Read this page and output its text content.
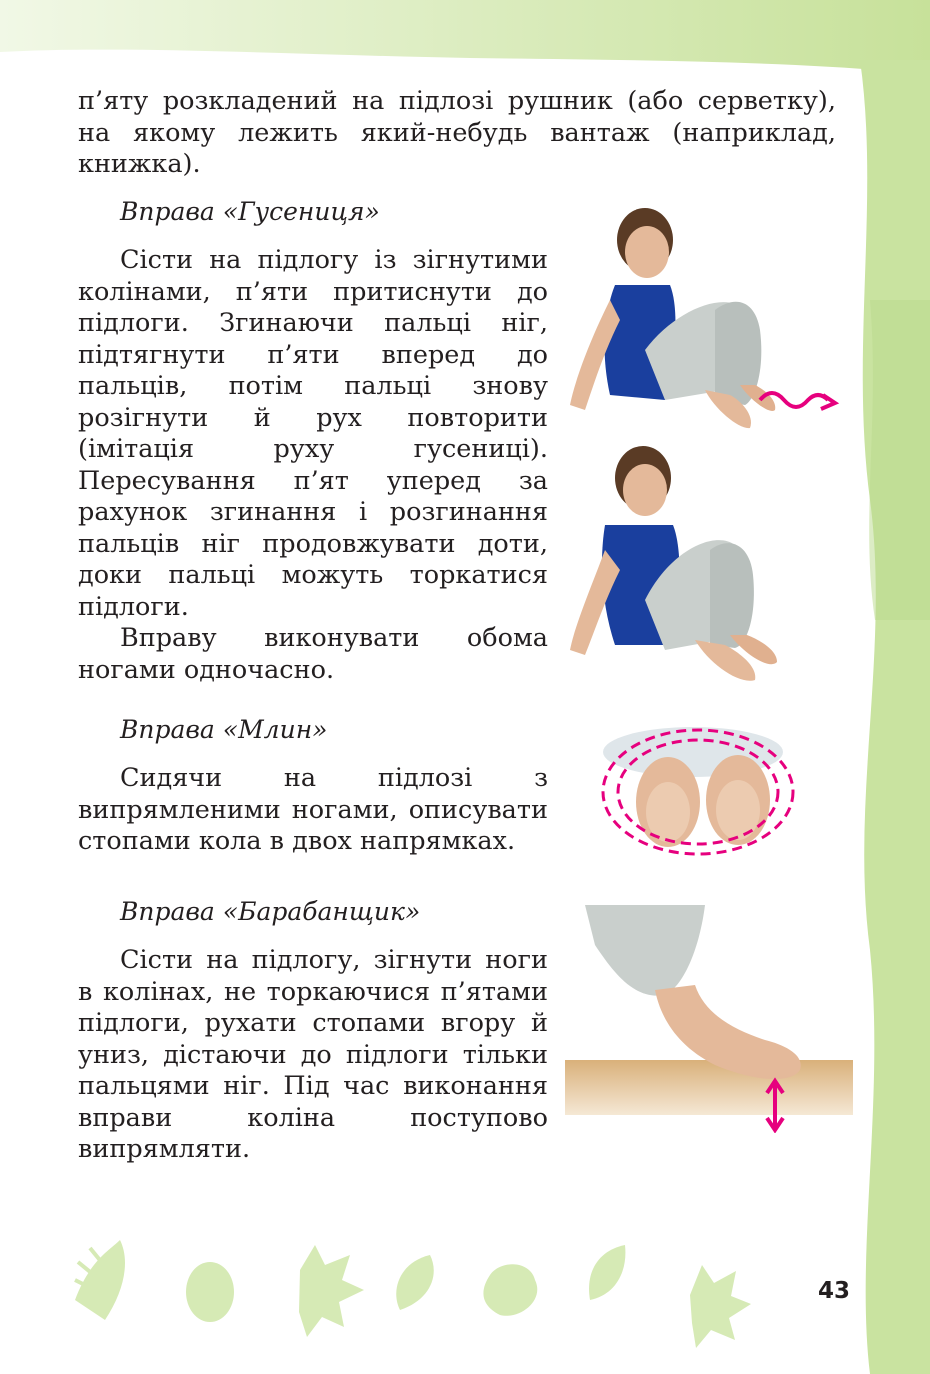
п’яту розкладений на підлозі рушник (або серветку), на якому лежить який-небудь вантаж (наприклад, книжка).

Вправа «Гусениця»

Сісти на підлогу із зігнутими колінами, п’яти притиснути до підлоги. Згинаючи пальці ніг, підтягнути п’яти вперед до пальців, потім пальці знову розігнути й рух повторити (імітація руху гусениці). Пересування п’ят уперед за рахунок згинання і розгинання пальців ніг продовжувати доти, доки пальці можуть торкатися підлоги.

Вправу виконувати обома ногами одночасно.

Вправа «Млин»

Сидячи на підлозі з випрямленими ногами, описувати стопами кола в двох напрямках.

Вправа «Барабанщик»

Сісти на підлогу, зігнути ноги в колінах, не торкаючися п’ятами підлоги, рухати стопами вгору й униз, дістаючи до підлоги тільки пальцями ніг. Під час виконання вправи коліна поступово випрямляти.

43
